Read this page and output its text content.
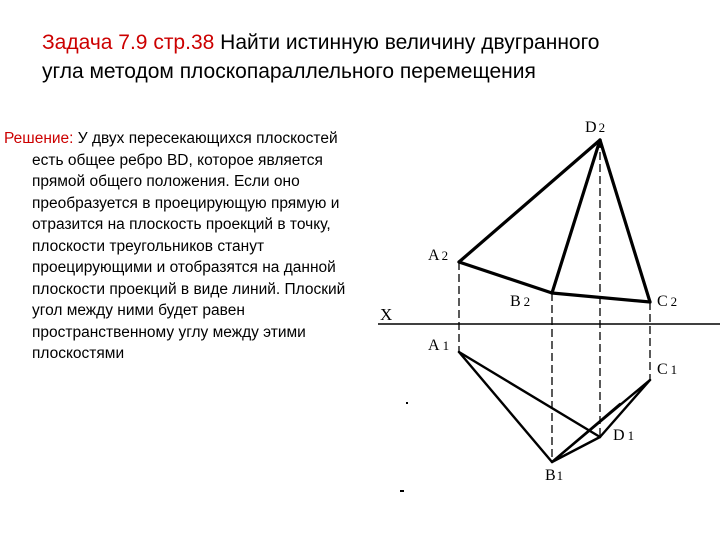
Задача 7.9 стр.38 Найти истинную величину двугранного угла методом плоскопараллельного перемещения
Решение: У двух пересекающихся плоскостей есть общее ребро BD, которое является прямой общего положения. Если оно преобразуется в проецирующую прямую и отразится на плоскость проекций в точку, плоскости треугольников станут проецирующими и отобразятся на данной плоскости проекций в виде линий. Плоский угол между ними будет равен пространственному углу между этими плоскостями
X
D 2
A 2
B 2	C 2
A 1
C 1
D 1
B1
